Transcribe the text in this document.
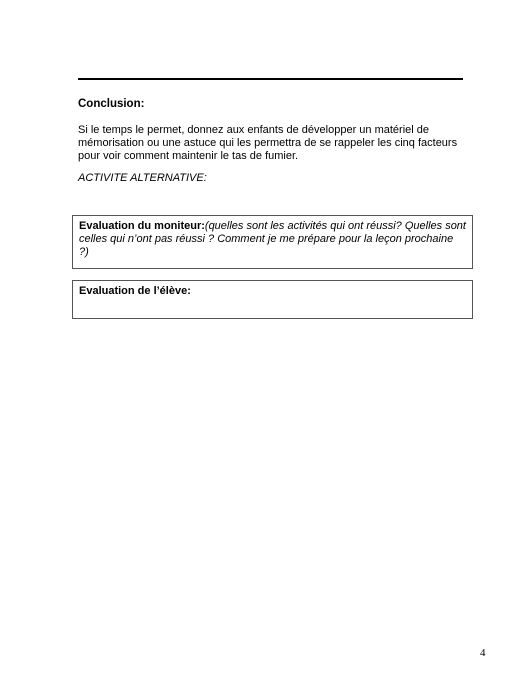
Conclusion:
Si le temps le permet, donnez aux enfants de développer un matériel de mémorisation ou une astuce qui les permettra de se rappeler les cinq facteurs pour voir comment maintenir le tas de fumier.
ACTIVITE ALTERNATIVE:
Evaluation du moniteur:(quelles sont les activités qui ont réussi? Quelles sont celles qui n’ont pas réussi ? Comment je me prépare pour la leçon prochaine ?)
Evaluation de l’élève:
4
